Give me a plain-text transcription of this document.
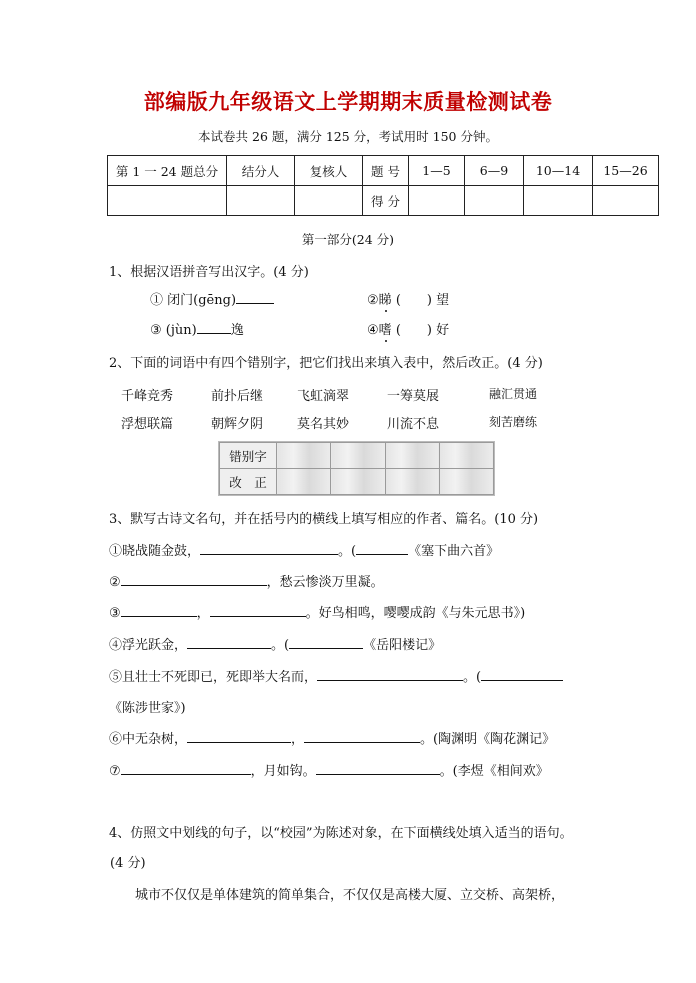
部编版九年级语文上学期期末质量检测试卷
本试卷共 26 题，满分 125 分，考试用时 150 分钟。
第 1 一 24 题总分	结分人	复核人	题 号	1—5	6—9	10—14	15—26
			得 分				
第一部分(24 分)
1、根据汉语拼音写出汉字。(4 分)
① 闭门(gēng)	②睇 (　　) 望
③ (jùn)	逸	④嗜 (　　) 好
2、下面的词语中有四个错别字，把它们找出来填入表中，然后改正。(4 分)
千峰竞秀	前扑后继	飞虹滴翠	一筹莫展	融汇贯通
浮想联篇	朝辉夕阴	莫名其妙	川流不息	刻苦磨练
错别字				
改　正				
3、默写古诗文名句，并在括号内的横线上填写相应的作者、篇名。(10 分)
①晓战随金鼓，	。(	《塞下曲六首》
②	，愁云惨淡万里凝。
③	，	。好鸟相鸣，嘤嘤成韵《与朱元思书》)
④浮光跃金，	。(	《岳阳楼记》
⑤且壮士不死即已，死即举大名而，	。(
《陈涉世家》)
⑥中无杂树，	，	。(陶渊明《陶花渊记》
⑦	，月如钩。	。(李煜《相间欢》
4、仿照文中划线的句子，以“校园”为陈述对象，在下面横线处填入适当的语句。
(4 分)
城市不仅仅是单体建筑的简单集合，不仅仅是高楼大厦、立交桥、高架桥，
